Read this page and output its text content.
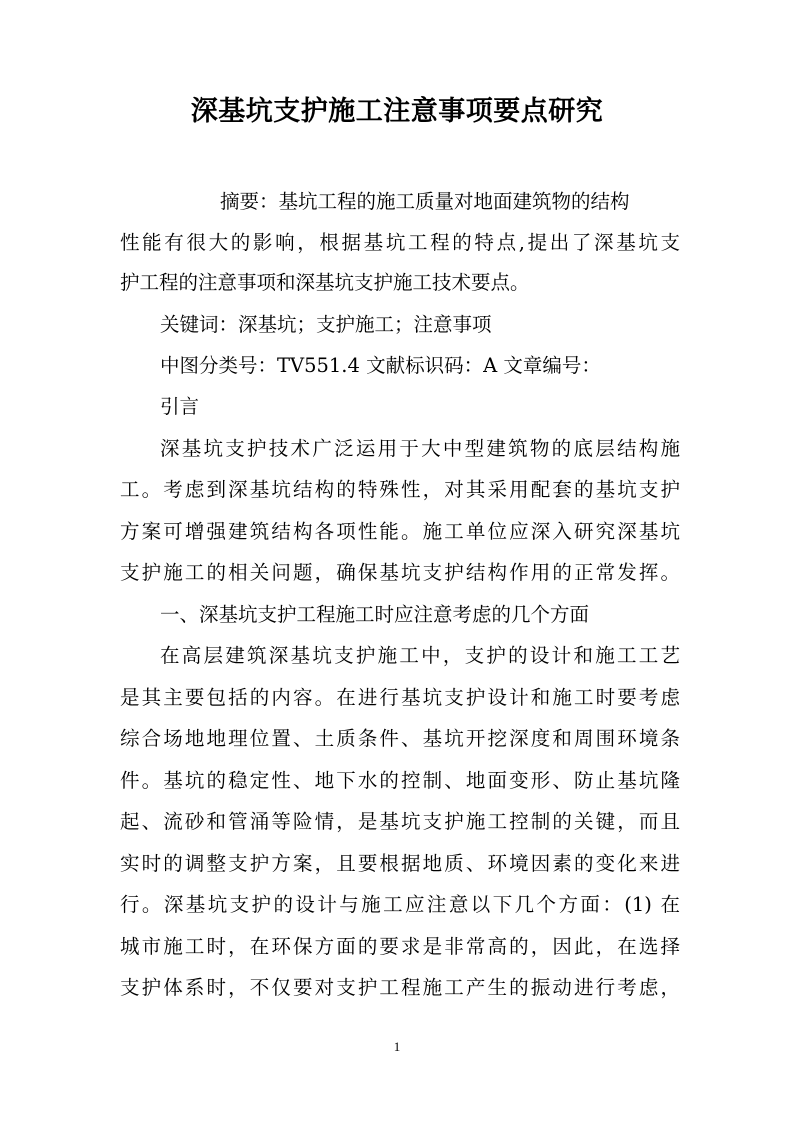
深基坑支护施工注意事项要点研究
摘要：基坑工程的施工质量对地面建筑物的结构
性能有很大的影响，根据基坑工程的特点,提出了深基坑支
护工程的注意事项和深基坑支护施工技术要点。
关键词：深基坑；支护施工；注意事项
中图分类号：TV551.4 文献标识码：A 文章编号：
引言
深基坑支护技术广泛运用于大中型建筑物的底层结构施
工。考虑到深基坑结构的特殊性，对其采用配套的基坑支护
方案可增强建筑结构各项性能。施工单位应深入研究深基坑
支护施工的相关问题，确保基坑支护结构作用的正常发挥。
一、深基坑支护工程施工时应注意考虑的几个方面
在高层建筑深基坑支护施工中，支护的设计和施工工艺
是其主要包括的内容。在进行基坑支护设计和施工时要考虑
综合场地地理位置、土质条件、基坑开挖深度和周围环境条
件。基坑的稳定性、地下水的控制、地面变形、防止基坑隆
起、流砂和管涌等险情，是基坑支护施工控制的关键，而且
实时的调整支护方案，且要根据地质、环境因素的变化来进
行。深基坑支护的设计与施工应注意以下几个方面：(1) 在
城市施工时，在环保方面的要求是非常高的，因此，在选择
支护体系时，不仅要对支护工程施工产生的振动进行考虑，
1
